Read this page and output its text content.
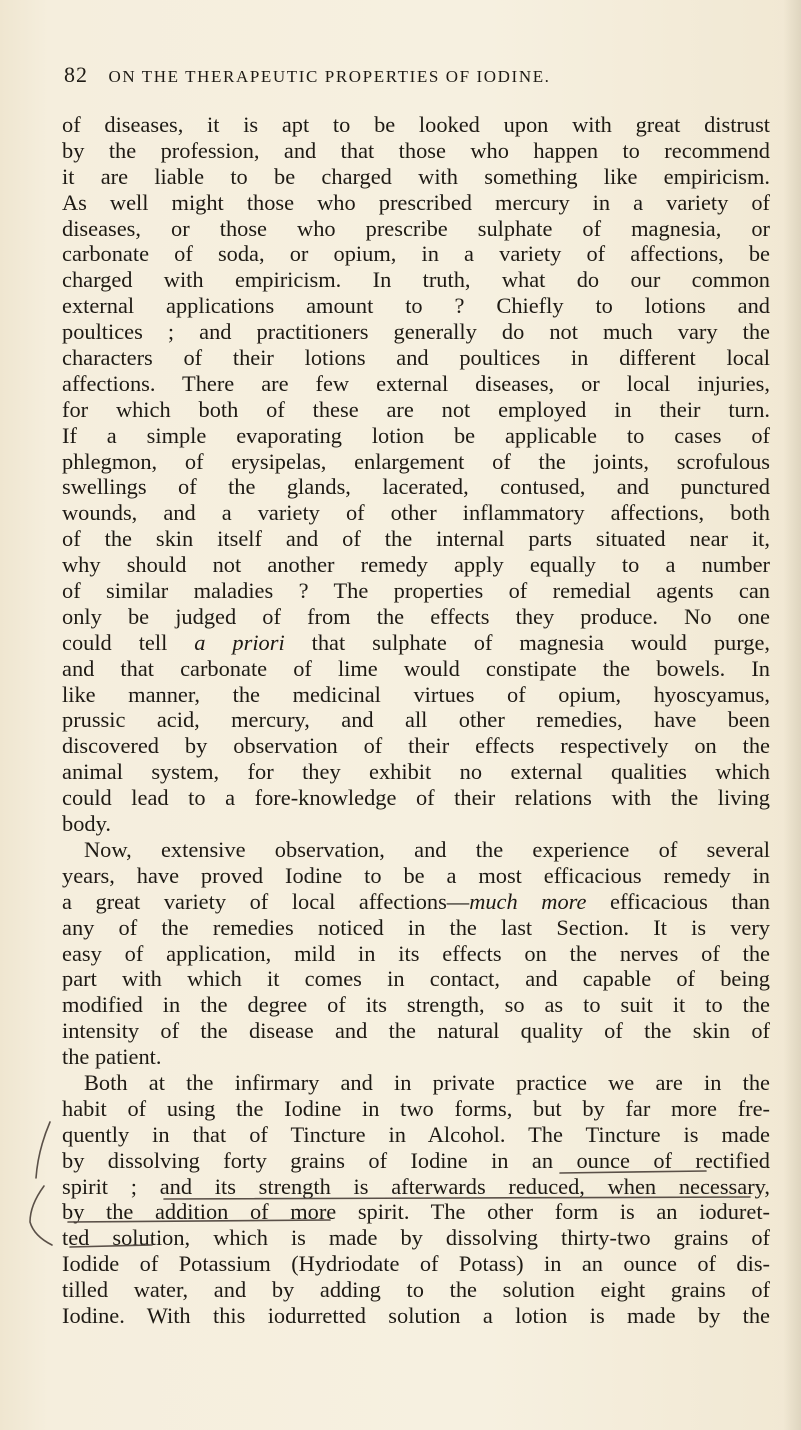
82 ON THE THERAPEUTIC PROPERTIES OF IODINE.
of diseases, it is apt to be looked upon with great distrust
by the profession, and that those who happen to recommend
it are liable to be charged with something like empiricism.
As well might those who prescribed mercury in a variety of
diseases, or those who prescribe sulphate of magnesia, or
carbonate of soda, or opium, in a variety of affections, be
charged with empiricism. In truth, what do our common
external applications amount to ? Chiefly to lotions and
poultices ; and practitioners generally do not much vary the
characters of their lotions and poultices in different local
affections. There are few external diseases, or local injuries,
for which both of these are not employed in their turn.
If a simple evaporating lotion be applicable to cases of
phlegmon, of erysipelas, enlargement of the joints, scrofulous
swellings of the glands, lacerated, contused, and punctured
wounds, and a variety of other inflammatory affections, both
of the skin itself and of the internal parts situated near it,
why should not another remedy apply equally to a number
of similar maladies ? The properties of remedial agents can
only be judged of from the effects they produce. No one
could tell a priori that sulphate of magnesia would purge,
and that carbonate of lime would constipate the bowels. In
like manner, the medicinal virtues of opium, hyoscyamus,
prussic acid, mercury, and all other remedies, have been
discovered by observation of their effects respectively on the
animal system, for they exhibit no external qualities which
could lead to a fore-knowledge of their relations with the living
body.
Now, extensive observation, and the experience of several
years, have proved Iodine to be a most efficacious remedy in
a great variety of local affections—much more efficacious than
any of the remedies noticed in the last Section. It is very
easy of application, mild in its effects on the nerves of the
part with which it comes in contact, and capable of being
modified in the degree of its strength, so as to suit it to the
intensity of the disease and the natural quality of the skin of
the patient.
Both at the infirmary and in private practice we are in the
habit of using the Iodine in two forms, but by far more fre-
quently in that of Tincture in Alcohol. The Tincture is made
by dissolving forty grains of Iodine in an ounce of rectified
spirit ; and its strength is afterwards reduced, when necessary,
by the addition of more spirit. The other form is an ioduret-
ted solution, which is made by dissolving thirty-two grains of
Iodide of Potassium (Hydriodate of Potass) in an ounce of dis-
tilled water, and by adding to the solution eight grains of
Iodine. With this iodurretted solution a lotion is made by the
